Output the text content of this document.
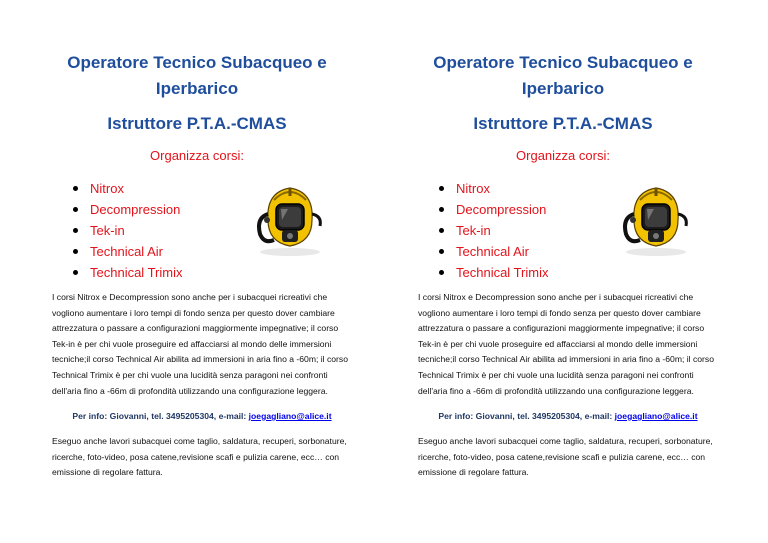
Operatore Tecnico Subacqueo e
Iperbarico
Istruttore P.T.A.-CMAS
Organizza corsi:
Nitrox
Decompression
Tek-in
Technical Air
Technical Trimix
I corsi Nitrox e Decompression sono anche per i subacquei ricreativi che vogliono aumentare i loro tempi di fondo senza per questo dover cambiare attrezzatura o passare a configurazioni maggiormente impegnative; il corso Tek-in è per chi vuole proseguire ed affacciarsi al mondo delle immersioni tecniche;il corso Technical Air abilita ad immersioni in aria fino a -60m; il corso Technical Trimix è per chi vuole una lucidità senza paragoni nei confronti dell'aria fino a -66m di profondità utilizzando una configurazione leggera.
Per info: Giovanni, tel. 3495205304, e-mail: joegagliano@alice.it
Eseguo anche lavori subacquei come taglio, saldatura, recuperi, sorbonature, ricerche, foto-video, posa catene,revisione scafi e pulizia carene, ecc… con emissione di regolare fattura.
Operatore Tecnico Subacqueo e
Iperbarico
Istruttore P.T.A.-CMAS
Organizza corsi:
Nitrox
Decompression
Tek-in
Technical Air
Technical Trimix
I corsi Nitrox e Decompression sono anche per i subacquei ricreativi che vogliono aumentare i loro tempi di fondo senza per questo dover cambiare attrezzatura o passare a configurazioni maggiormente impegnative; il corso Tek-in è per chi vuole proseguire ed affacciarsi al mondo delle immersioni tecniche;il corso Technical Air abilita ad immersioni in aria fino a -60m; il corso Technical Trimix è per chi vuole una lucidità senza paragoni nei confronti dell'aria fino a -66m di profondità utilizzando una configurazione leggera.
Per info: Giovanni, tel. 3495205304, e-mail: joegagliano@alice.it
Eseguo anche lavori subacquei come taglio, saldatura, recuperi, sorbonature, ricerche, foto-video, posa catene,revisione scafi e pulizia carene, ecc… con emissione di regolare fattura.
